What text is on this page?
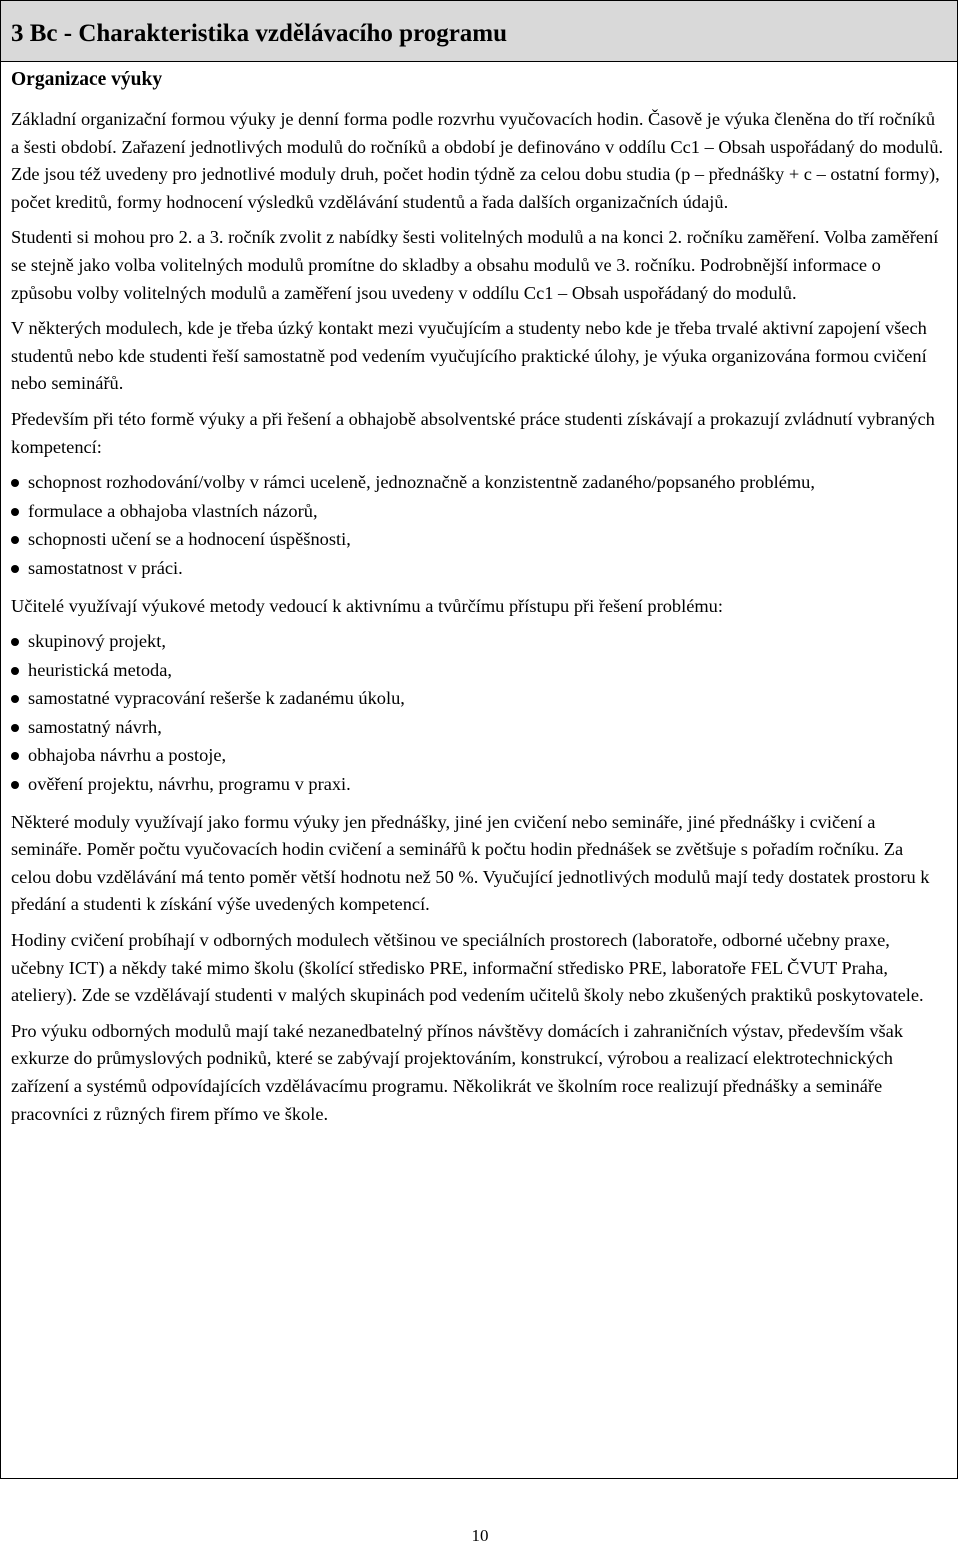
3 Bc - Charakteristika vzdělávacího programu
Organizace výuky

Základní organizační formou výuky je denní forma podle rozvrhu vyučovacích hodin. Časově je výuka členěna do tří ročníků a šesti období. Zařazení jednotlivých modulů do ročníků a období je definováno v oddílu Cc1 – Obsah uspořádaný do modulů. Zde jsou též uvedeny pro jednotlivé moduly druh, počet hodin týdně za celou dobu studia (p – přednášky + c – ostatní formy), počet kreditů, formy hodnocení výsledků vzdělávání studentů a řada dalších organizačních údajů.

Studenti si mohou pro 2. a 3. ročník zvolit z nabídky šesti volitelných modulů a na konci 2. ročníku zaměření. Volba zaměření se stejně jako volba volitelných modulů promítne do skladby a obsahu modulů ve 3. ročníku. Podrobnější informace o způsobu volby volitelných modulů a zaměření jsou uvedeny v oddílu Cc1 – Obsah uspořádaný do modulů.

V některých modulech, kde je třeba úzký kontakt mezi vyučujícím a studenty nebo kde je třeba trvalé aktivní zapojení všech studentů nebo kde studenti řeší samostatně pod vedením vyučujícího praktické úlohy, je výuka organizována formou cvičení nebo seminářů.

Především při této formě výuky a při řešení a obhajobě absolventské práce studenti získávají a prokazují zvládnutí vybraných kompetencí:

schopnost rozhodování/volby v rámci uceleně, jednoznačně a konzistentně zadaného/popsaného problému,
formulace a obhajoba vlastních názorů,
schopnosti učení se a hodnocení úspěšnosti,
samostatnost v práci.

Učitelé využívají výukové metody vedoucí k aktivnímu a tvůrčímu přístupu při řešení problému:

skupinový projekt,
heuristická metoda,
samostatné vypracování rešerše k zadanému úkolu,
samostatný návrh,
obhajoba návrhu a postoje,
ověření projektu, návrhu, programu v praxi.

Některé moduly využívají jako formu výuky jen přednášky, jiné jen cvičení nebo semináře, jiné přednášky i cvičení a semináře. Poměr počtu vyučovacích hodin cvičení a seminářů k počtu hodin přednášek se zvětšuje s pořadím ročníku. Za celou dobu vzdělávání má tento poměr větší hodnotu než 50 %. Vyučující jednotlivých modulů mají tedy dostatek prostoru k předání a studenti k získání výše uvedených kompetencí.

Hodiny cvičení probíhají v odborných modulech většinou ve speciálních prostorech (laboratoře, odborné učebny praxe, učebny ICT) a někdy také mimo školu (školící středisko PRE, informační středisko PRE, laboratoře FEL ČVUT Praha, ateliery). Zde se vzdělávají studenti v malých skupinách pod vedením učitelů školy nebo zkušených praktiků poskytovatele.

Pro výuku odborných modulů mají také nezanedbatelný přínos návštěvy domácích i zahraničních výstav, především však exkurze do průmyslových podniků, které se zabývají projektováním, konstrukcí, výrobou a realizací elektrotechnických zařízení a systémů odpovídajících vzdělávacímu programu. Několikrát ve školním roce realizují přednášky a semináře pracovníci z různých firem přímo ve škole.

10
